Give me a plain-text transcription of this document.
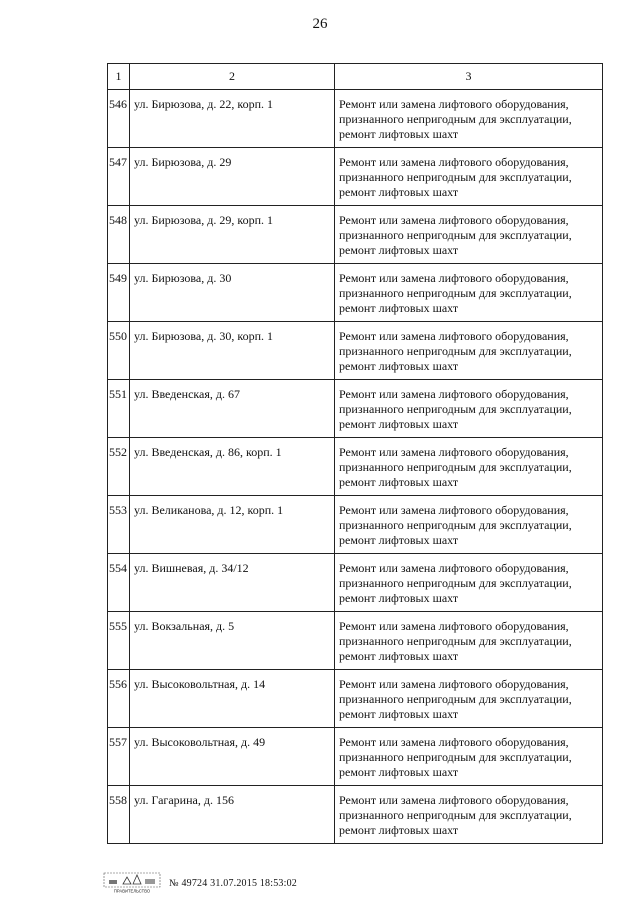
26
1	2	3
546	ул. Бирюзова, д. 22, корп. 1	Ремонт или замена лифтового оборудования,
признанного непригодным для эксплуатации,
ремонт лифтовых шахт
547	ул. Бирюзова, д. 29	Ремонт или замена лифтового оборудования,
признанного непригодным для эксплуатации,
ремонт лифтовых шахт
548	ул. Бирюзова, д. 29, корп. 1	Ремонт или замена лифтового оборудования,
признанного непригодным для эксплуатации,
ремонт лифтовых шахт
549	ул. Бирюзова, д. 30	Ремонт или замена лифтового оборудования,
признанного непригодным для эксплуатации,
ремонт лифтовых шахт
550	ул. Бирюзова, д. 30, корп. 1	Ремонт или замена лифтового оборудования,
признанного непригодным для эксплуатации,
ремонт лифтовых шахт
551	ул. Введенская, д. 67	Ремонт или замена лифтового оборудования,
признанного непригодным для эксплуатации,
ремонт лифтовых шахт
552	ул. Введенская, д. 86, корп. 1	Ремонт или замена лифтового оборудования,
признанного непригодным для эксплуатации,
ремонт лифтовых шахт
553	ул. Великанова, д. 12, корп. 1	Ремонт или замена лифтового оборудования,
признанного непригодным для эксплуатации,
ремонт лифтовых шахт
554	ул. Вишневая, д. 34/12	Ремонт или замена лифтового оборудования,
признанного непригодным для эксплуатации,
ремонт лифтовых шахт
555	ул. Вокзальная, д. 5	Ремонт или замена лифтового оборудования,
признанного непригодным для эксплуатации,
ремонт лифтовых шахт
556	ул. Высоковольтная, д. 14	Ремонт или замена лифтового оборудования,
признанного непригодным для эксплуатации,
ремонт лифтовых шахт
557	ул. Высоковольтная, д. 49	Ремонт или замена лифтового оборудования,
признанного непригодным для эксплуатации,
ремонт лифтовых шахт
558	ул. Гагарина, д. 156	Ремонт или замена лифтового оборудования,
признанного непригодным для эксплуатации,
ремонт лифтовых шахт
ПРАВИТЕЛЬСТВО
№ 49724 31.07.2015 18:53:02
